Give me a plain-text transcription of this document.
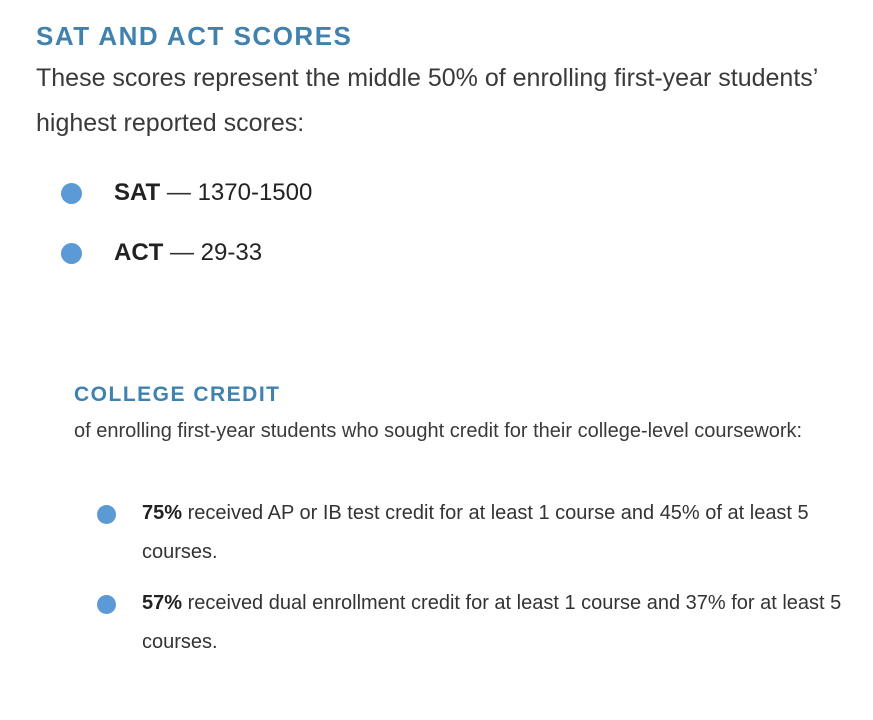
SAT AND ACT SCORES

These scores represent the middle 50% of enrolling first-year students’ highest reported scores:

SAT — 1370-1500
ACT — 29-33
COLLEGE CREDIT

of enrolling first-year students who sought credit for their college-level coursework:

75% received AP or IB test credit for at least 1 course and 45% of at least 5 courses.
57% received dual enrollment credit for at least 1 course and 37% for at least 5 courses.
